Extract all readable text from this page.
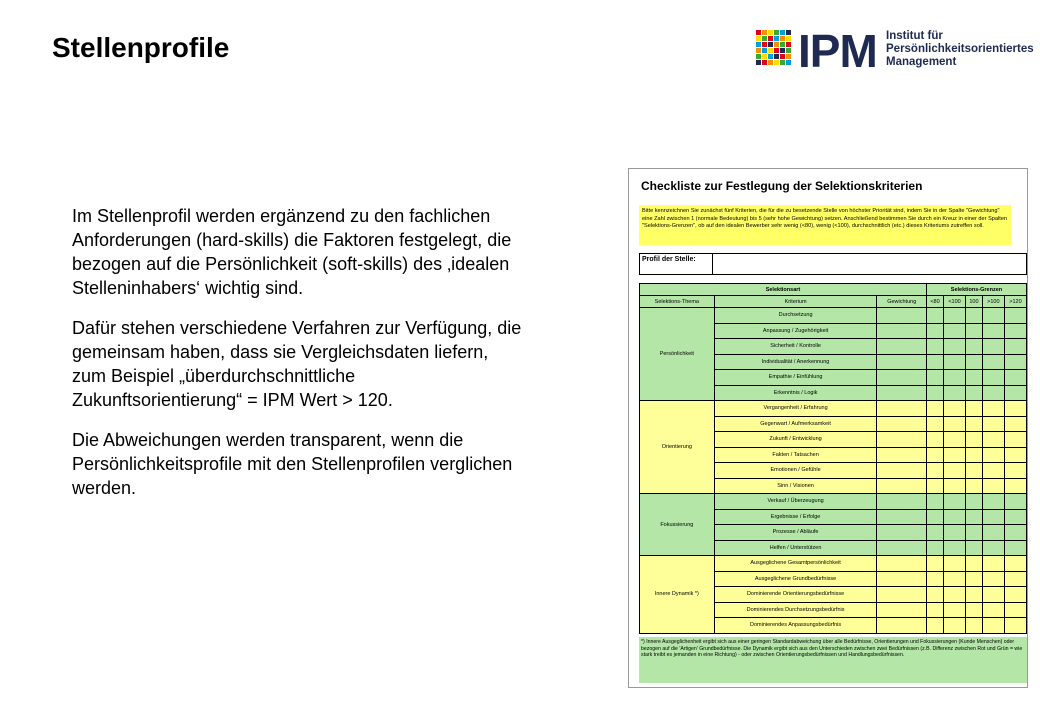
Stellenprofile	IPM Institut für
Persönlichkeitsorientiertes
Management

Im Stellenprofil werden ergänzend zu den fachlichen Anforderungen (hard-skills) die Faktoren festgelegt, die bezogen auf die Persönlichkeit (soft-skills) des ‚idealen Stelleninhabers‘ wichtig sind.

Dafür stehen verschiedene Verfahren zur Verfügung, die gemeinsam haben, dass sie Vergleichsdaten liefern, zum Beispiel „überdurchschnittliche Zukunftsorientierung“ = IPM Wert > 120.

Die Abweichungen werden transparent, wenn die Persönlichkeitsprofile mit den Stellenprofilen verglichen werden.

Checkliste zur Festlegung der Selektionskriterien
Bitte kennzeichnen Sie zunächst fünf Kriterien, die für die zu besetzende Stelle von höchster Priorität sind, indem Sie in der Spalte "Gewichtung" eine Zahl zwischen 1 (normale Bedeutung) bis 5 (sehr hohe Gewichtung) setzen. Anschließend bestimmen Sie durch ein Kreuz in einer der Spalten "Selektions-Grenzen", ob auf den idealen Bewerber sehr wenig (<80), wenig (<100), durchschnittlich (etc.) dieses Kriteriums zutreffen soll.
Profil der Stelle:
Selektionsart			Selektions-Grenzen				
Selektions-Thema	Kriterium	Gewichtung	<80	<100	100	>100	>120
Persönlichkeit	Durchsetzung						
	Anpassung / Zugehörigkeit						
	Sicherheit / Kontrolle						
	Individualität / Anerkennung						
	Empathie / Einfühlung						
	Erkenntnis / Logik						
Orientierung	Vergangenheit / Erfahrung						
	Gegenwart / Aufmerksamkeit						
	Zukunft / Entwicklung						
	Fakten / Tatsachen						
	Emotionen / Gefühle						
	Sinn / Visionen						
Fokussierung	Verkauf / Überzeugung						
	Ergebnisse / Erfolge						
	Prozesse / Abläufe						
	Helfen / Unterstützen						
Innere Dynamik *)	Ausgeglichene Gesamtpersönlichkeit						
	Ausgeglichene Grundbedürfnisse						
	Dominierende Orientierungsbedürfnisse						
	Dominierendes Durchsetzungsbedürfnis						
	Dominierendes Anpassungsbedürfnis						
*) Innere Ausgeglichenheit ergibt sich aus einer geringen Standardabweichung über alle Bedürfnisse, Orientierungen und Fokussierungen (Kunde Menschen) oder bezogen auf die 'Artigen' Grundbedürfnisse. Die Dynamik ergibt sich aus den Unterschieden zwischen zwei Bedürfnissen (z.B. Differenz zwischen Rot und Grün = wie stark treibt es jemanden in eine Richtung) - oder zwischen Orientierungsbedürfnissen und Handlungsbedürfnissen.
